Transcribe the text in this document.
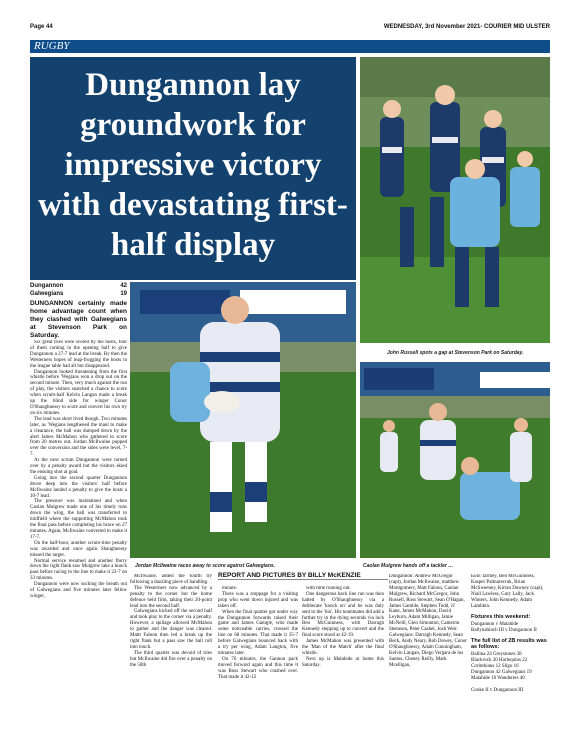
Page 44	WEDNESDAY, 3rd November 2021- COURIER MID ULSTER
RUGBY
Dungannon lay groundwork for impressive victory with devastating first-half display
John Russell spots a gap at Stevenson Park on Saturday.
Jordan McIlwaine races away to score against Galwegians.	Caolan Mulgrew hands off a tackler …
Dungannon	42
Galwegians	19
DUNGANNON certainly made home advantage count when they clashed with Galwegians at Stevenson Park on Saturday.

Six great tries were scored by the hosts, four of them coming in the opening half to give Dungannon a 27-7 lead at the break. By then the Westerners hopes of leap-frogging the hosts in the league table had all but disappeared.

Dungannon looked threatening from the first whistle before 'Wegians won a drop out on the second minute. Then, very much against the run of play, the visitors snatched a chance to score when scrum-half Kelvin Langan made a break up the blind side for winger Conor O'Shaughnessy to score and convert his own try on six minutes.

The lead was short lived though. Two minutes later, as 'Wegians lengthened the maul to make a clearance, the ball was dumped down by the alert James McMahon who gathered to score from 20 metres out. Jordan McIlwaine popped over the conversion and the sides were level, 7-7.

At the next scrum Dungannon were turned over by a penalty award but the visitors skied the ensuing shot at goal.

Going into the second quarter Dungannon drove deep into the visitors' half before McIlwaine landed a penalty to give the hosts a 10-7 lead.

The pressure was maintained and when Caolan Mulgrew made one of his timely runs down the wing, the ball was transferred to midfield where the supporting McMahon took the final pass before completing his brace on 27 minutes. Again, McIlwaine converted to make it 17-7.

On the half-hour, another scrum-time penalty was awarded and once again Shaughnessy missed the target.

Normal service resumed and another flurry down the right flank saw Mulgrew take a knock pass before racing to the line to make it 22-7 on 33 minutes.

Dungannon were now sucking the breath out of Galwegians and five minutes later fellow winger,

McIlwaine, added the fourth try following a dazzling piece of handling.

The Westerners now advanced by a penalty to the corner but the home defence held firm, taking their 20-point lead into the second half.

Galwegians kicked off the second half and took play to the corner via a penalty. However, a spillage allowed McMahon to gather and the danger was cleared. Mattt Faloon then led a break up the right flank but a pass saw the ball roll into touch.

The third quarter was devoid of tries but McIlwaine did fire over a penalty on the 50th

REPORT AND PICTURES BY BILLY McKENZIE

minute.

There was a stoppage for a visiting prop who went down injured and was taken off.

When the final quarter got under way the Dungannon forwards raised their game and James Gamgle, who made some noticeable carries, crossed the line on 68 minutes. That made it 35-7 before Galwegians bounced back with a try per wing, Adam Langton, five minutes later.

On 76 minutes, the Gannon pack moved forward again and this time it was Ross Stewart who crashed over. That made it 42-12

with time running out.

One dangerous back line run was then halted by O'Shaughnessy via a deliberate 'knock on' and he was duly sent to the 'bin'. His teammates did add a further try in the dying seconds via lock Ben McGuinness, with Darragh Kennedy stepping up to convert and the final score stood at 42-19.

James McMahon was presented with the 'Man of the Match' after the final whistle.

Next up is Malahide at home this Saturday.

Dungannon: Andrew McGregor (capt), Jordan McIlwaine, matthew Montgomery, Matt Faloon, Caolan Mulgrew, Richard McGregor, John Russell, Ross Stewart, Sean O'Hagan, James Gamble, Stephen Todd, JJ Kane, James McMahon, David Leyburn, Adam Milligan, Jamie McNeill, Glen Simonton, Cameron Steenson, Peter Cashel, Josh Weir.
Galwegians: Darragh Kennedy, Sean Beck, Andy Neary, Rob Dowey, Conor O'Shaughnessy, Adam Cunningham, Kelvin Langan, Diego Vergara de los Santos, Cheney Reilly, Mark Mcelligan,
Eoin Tarmey, Ben McGuinness, Kasper Palmarecruk, Brian McSweeney, Kirran Downey (capt), Niall Lawless, Gary Lally, Jack Winters, John Kennedy, Adam Lambkin.
Fixtures this weekend:
Dungannon v Malahide
Ballynahinch III v Dungannon II
The full list of 2B results was as follows:
Ballina 24 Greystones 38
Blackrock 20 Harlequins 22
Corinthians 12 Sligo 16
Dungannon 42 Galwegians 19
Malahide 10 Wanderers 40

Cooke II v Dungannon III
